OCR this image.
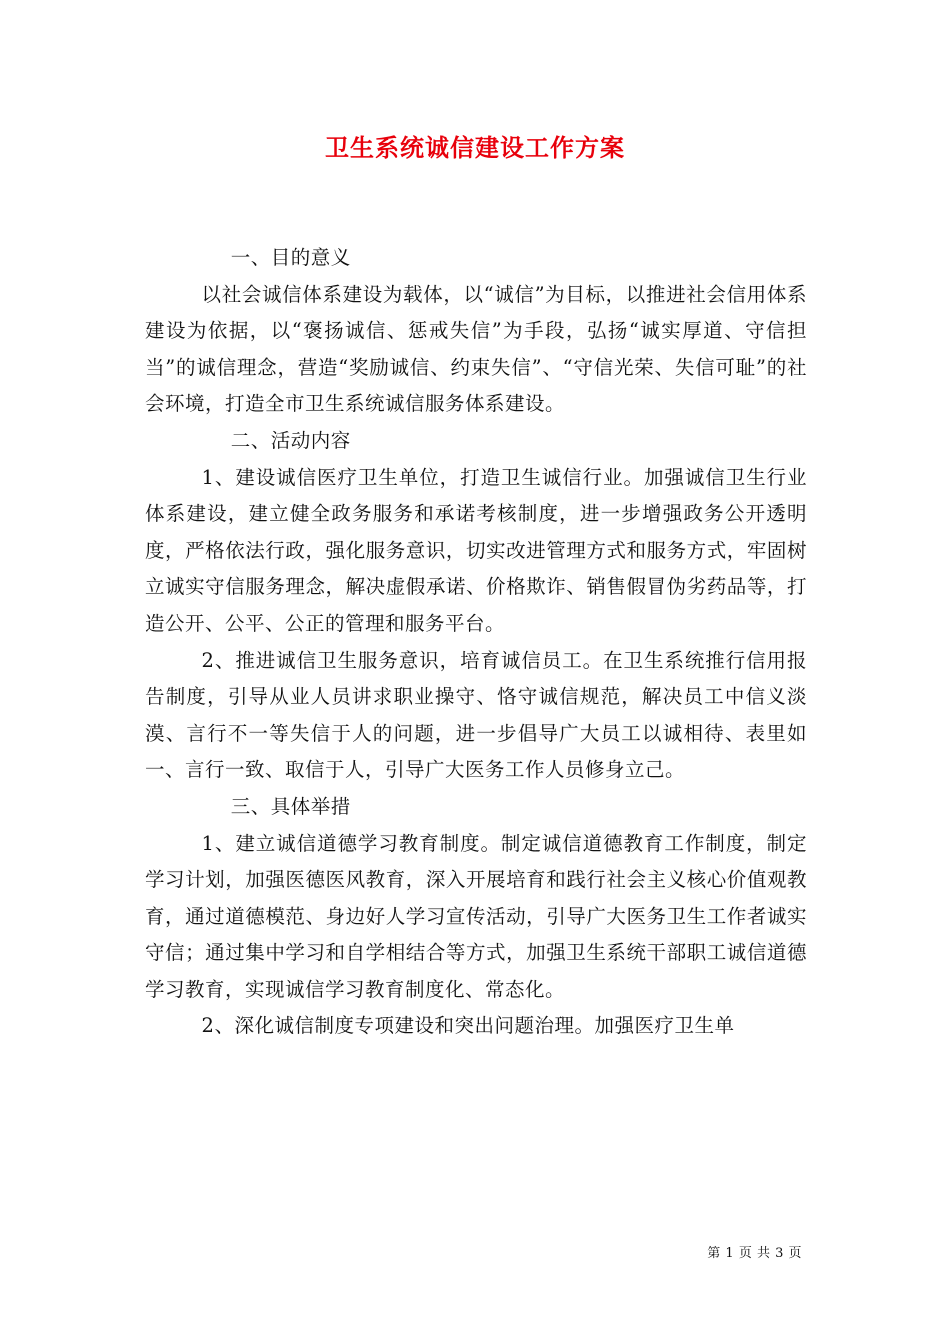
卫生系统诚信建设工作方案

一、目的意义

以社会诚信体系建设为载体，以“诚信”为目标，以推进社会信用体系建设为依据，以“褒扬诚信、惩戒失信”为手段，弘扬“诚实厚道、守信担当”的诚信理念，营造“奖励诚信、约束失信”、“守信光荣、失信可耻”的社会环境，打造全市卫生系统诚信服务体系建设。

二、活动内容

1、建设诚信医疗卫生单位，打造卫生诚信行业。加强诚信卫生行业体系建设，建立健全政务服务和承诺考核制度，进一步增强政务公开透明度，严格依法行政，强化服务意识，切实改进管理方式和服务方式，牢固树立诚实守信服务理念，解决虚假承诺、价格欺诈、销售假冒伪劣药品等，打造公开、公平、公正的管理和服务平台。

2、推进诚信卫生服务意识，培育诚信员工。在卫生系统推行信用报告制度，引导从业人员讲求职业操守、恪守诚信规范，解决员工中信义淡漠、言行不一等失信于人的问题，进一步倡导广大员工以诚相待、表里如一、言行一致、取信于人，引导广大医务工作人员修身立己。

三、具体举措

1、建立诚信道德学习教育制度。制定诚信道德教育工作制度，制定学习计划，加强医德医风教育，深入开展培育和践行社会主义核心价值观教育，通过道德模范、身边好人学习宣传活动，引导广大医务卫生工作者诚实守信；通过集中学习和自学相结合等方式，加强卫生系统干部职工诚信道德学习教育，实现诚信学习教育制度化、常态化。

2、深化诚信制度专项建设和突出问题治理。加强医疗卫生单

第 1 页 共 3 页
